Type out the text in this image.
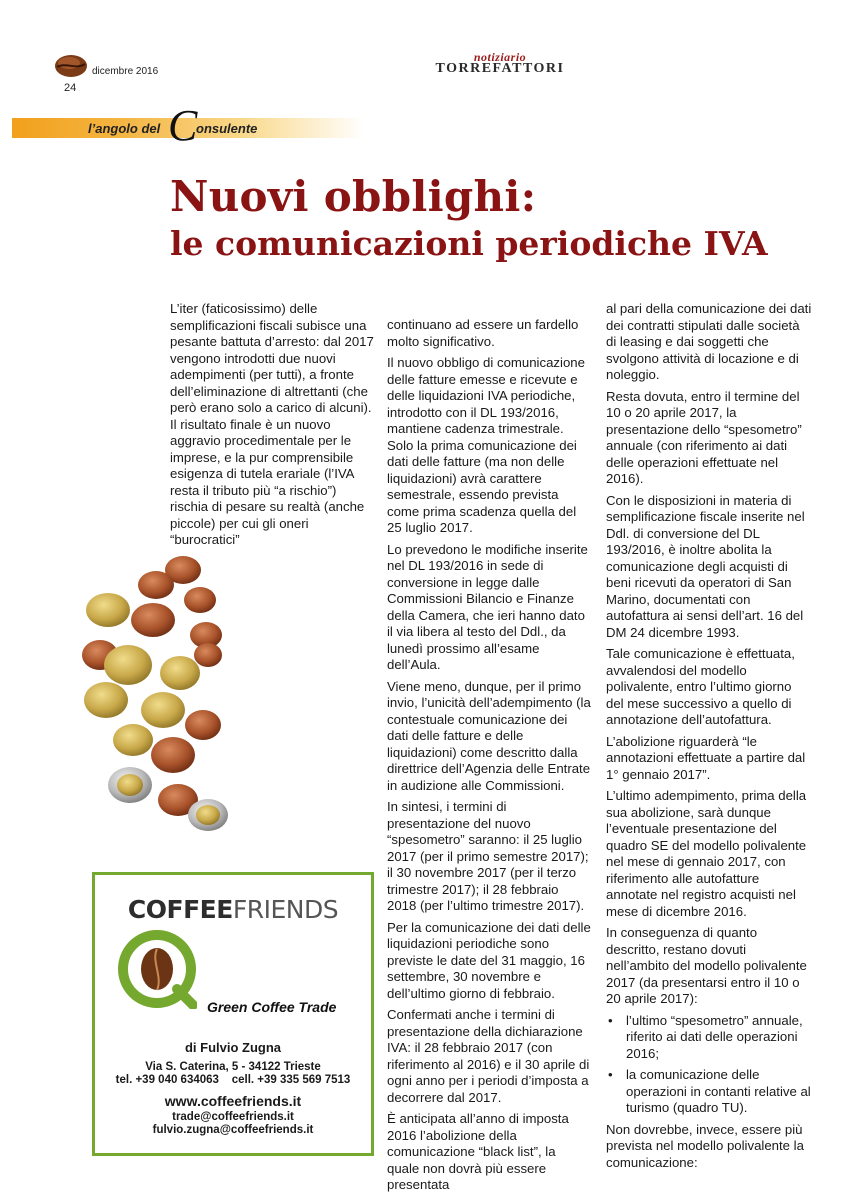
dicembre 2016
24
notiziario
TORREFATTORI
l’angolo del C
onsulente
Nuovi obblighi:
le comunicazioni periodiche IVA

L’iter (faticosissimo) delle semplificazioni fiscali subisce una pesante battuta d’arresto: dal 2017 vengono introdotti due nuovi adempimenti (per tutti), a fronte dell’eliminazione di altrettanti (che però erano solo a carico di alcuni). Il risultato finale è un nuovo aggravio procedimentale per le imprese, e la pur comprensibile esigenza di tutela erariale (l’IVA resta il tributo più “a rischio”) rischia di pesare su realtà (anche piccole) per cui gli oneri “burocratici”

continuano ad essere un fardello molto significativo.

Il nuovo obbligo di comunicazione delle fatture emesse e ricevute e delle liquidazioni IVA periodiche, introdotto con il DL 193/2016, mantiene cadenza trimestrale. Solo la prima comunicazione dei dati delle fatture (ma non delle liquidazioni) avrà carattere semestrale, essendo prevista come prima scadenza quella del 25 luglio 2017.

Lo prevedono le modifiche inserite nel DL 193/2016 in sede di conversione in legge dalle Commissioni Bilancio e Finanze della Camera, che ieri hanno dato il via libera al testo del Ddl., da lunedì prossimo all’esame dell’Aula.

Viene meno, dunque, per il primo invio, l’unicità dell’adempimento (la contestuale comunicazione dei dati delle fatture e delle liquidazioni) come descritto dalla direttrice dell’Agenzia delle Entrate in audizione alle Commissioni.

In sintesi, i termini di presentazione del nuovo “spesometro” saranno: il 25 luglio 2017 (per il primo semestre 2017); il 30 novembre 2017 (per il terzo trimestre 2017); il 28 febbraio 2018 (per l’ultimo trimestre 2017).

Per la comunicazione dei dati delle liquidazioni periodiche sono previste le date del 31 maggio, 16 settembre, 30 novembre e dell’ultimo giorno di febbraio.

Confermati anche i termini di presentazione della dichiarazione IVA: il 28 febbraio 2017 (con riferimento al 2016) e il 30 aprile di ogni anno per i periodi d’imposta a decorrere dal 2017.

È anticipata all’anno di imposta 2016 l’abolizione della comunicazione “black list”, la quale non dovrà più essere presentata

al pari della comunicazione dei dati dei contratti stipulati dalle società di leasing e dai soggetti che svolgono attività di locazione e di noleggio.

Resta dovuta, entro il termine del 10 o 20 aprile 2017, la presentazione dello “spesometro” annuale (con riferimento ai dati delle operazioni effettuate nel 2016).

Con le disposizioni in materia di semplificazione fiscale inserite nel Ddl. di conversione del DL 193/2016, è inoltre abolita la comunicazione degli acquisti di beni ricevuti da operatori di San Marino, documentati con autofattura ai sensi dell’art. 16 del DM 24 dicembre 1993.

Tale comunicazione è effettuata, avvalendosi del modello polivalente, entro l’ultimo giorno del mese successivo a quello di annotazione dell’autofattura.

L’abolizione riguarderà “le annotazioni effettuate a partire dal 1° gennaio 2017”.

L’ultimo adempimento, prima della sua abolizione, sarà dunque l’eventuale presentazione del quadro SE del modello polivalente nel mese di gennaio 2017, con riferimento alle autofatture annotate nel registro acquisti nel mese di dicembre 2016.

In conseguenza di quanto descritto, restano dovuti nell’ambito del modello polivalente 2017 (da presentarsi entro il 10 o 20 aprile 2017):

• l’ultimo “spesometro” annuale, riferito ai dati delle operazioni 2016;

• la comunicazione delle operazioni in contanti relative al turismo (quadro TU).

Non dovrebbe, invece, essere più prevista nel modello polivalente la comunicazione:

COFFEEFRIENDS
Green Coffee Trade
di Fulvio Zugna
Via S. Caterina, 5 - 34122 Trieste
tel. +39 040 634063    cell. +39 335 569 7513
www.coffeefriends.it
trade@coffeefriends.it
fulvio.zugna@coffeefriends.it
